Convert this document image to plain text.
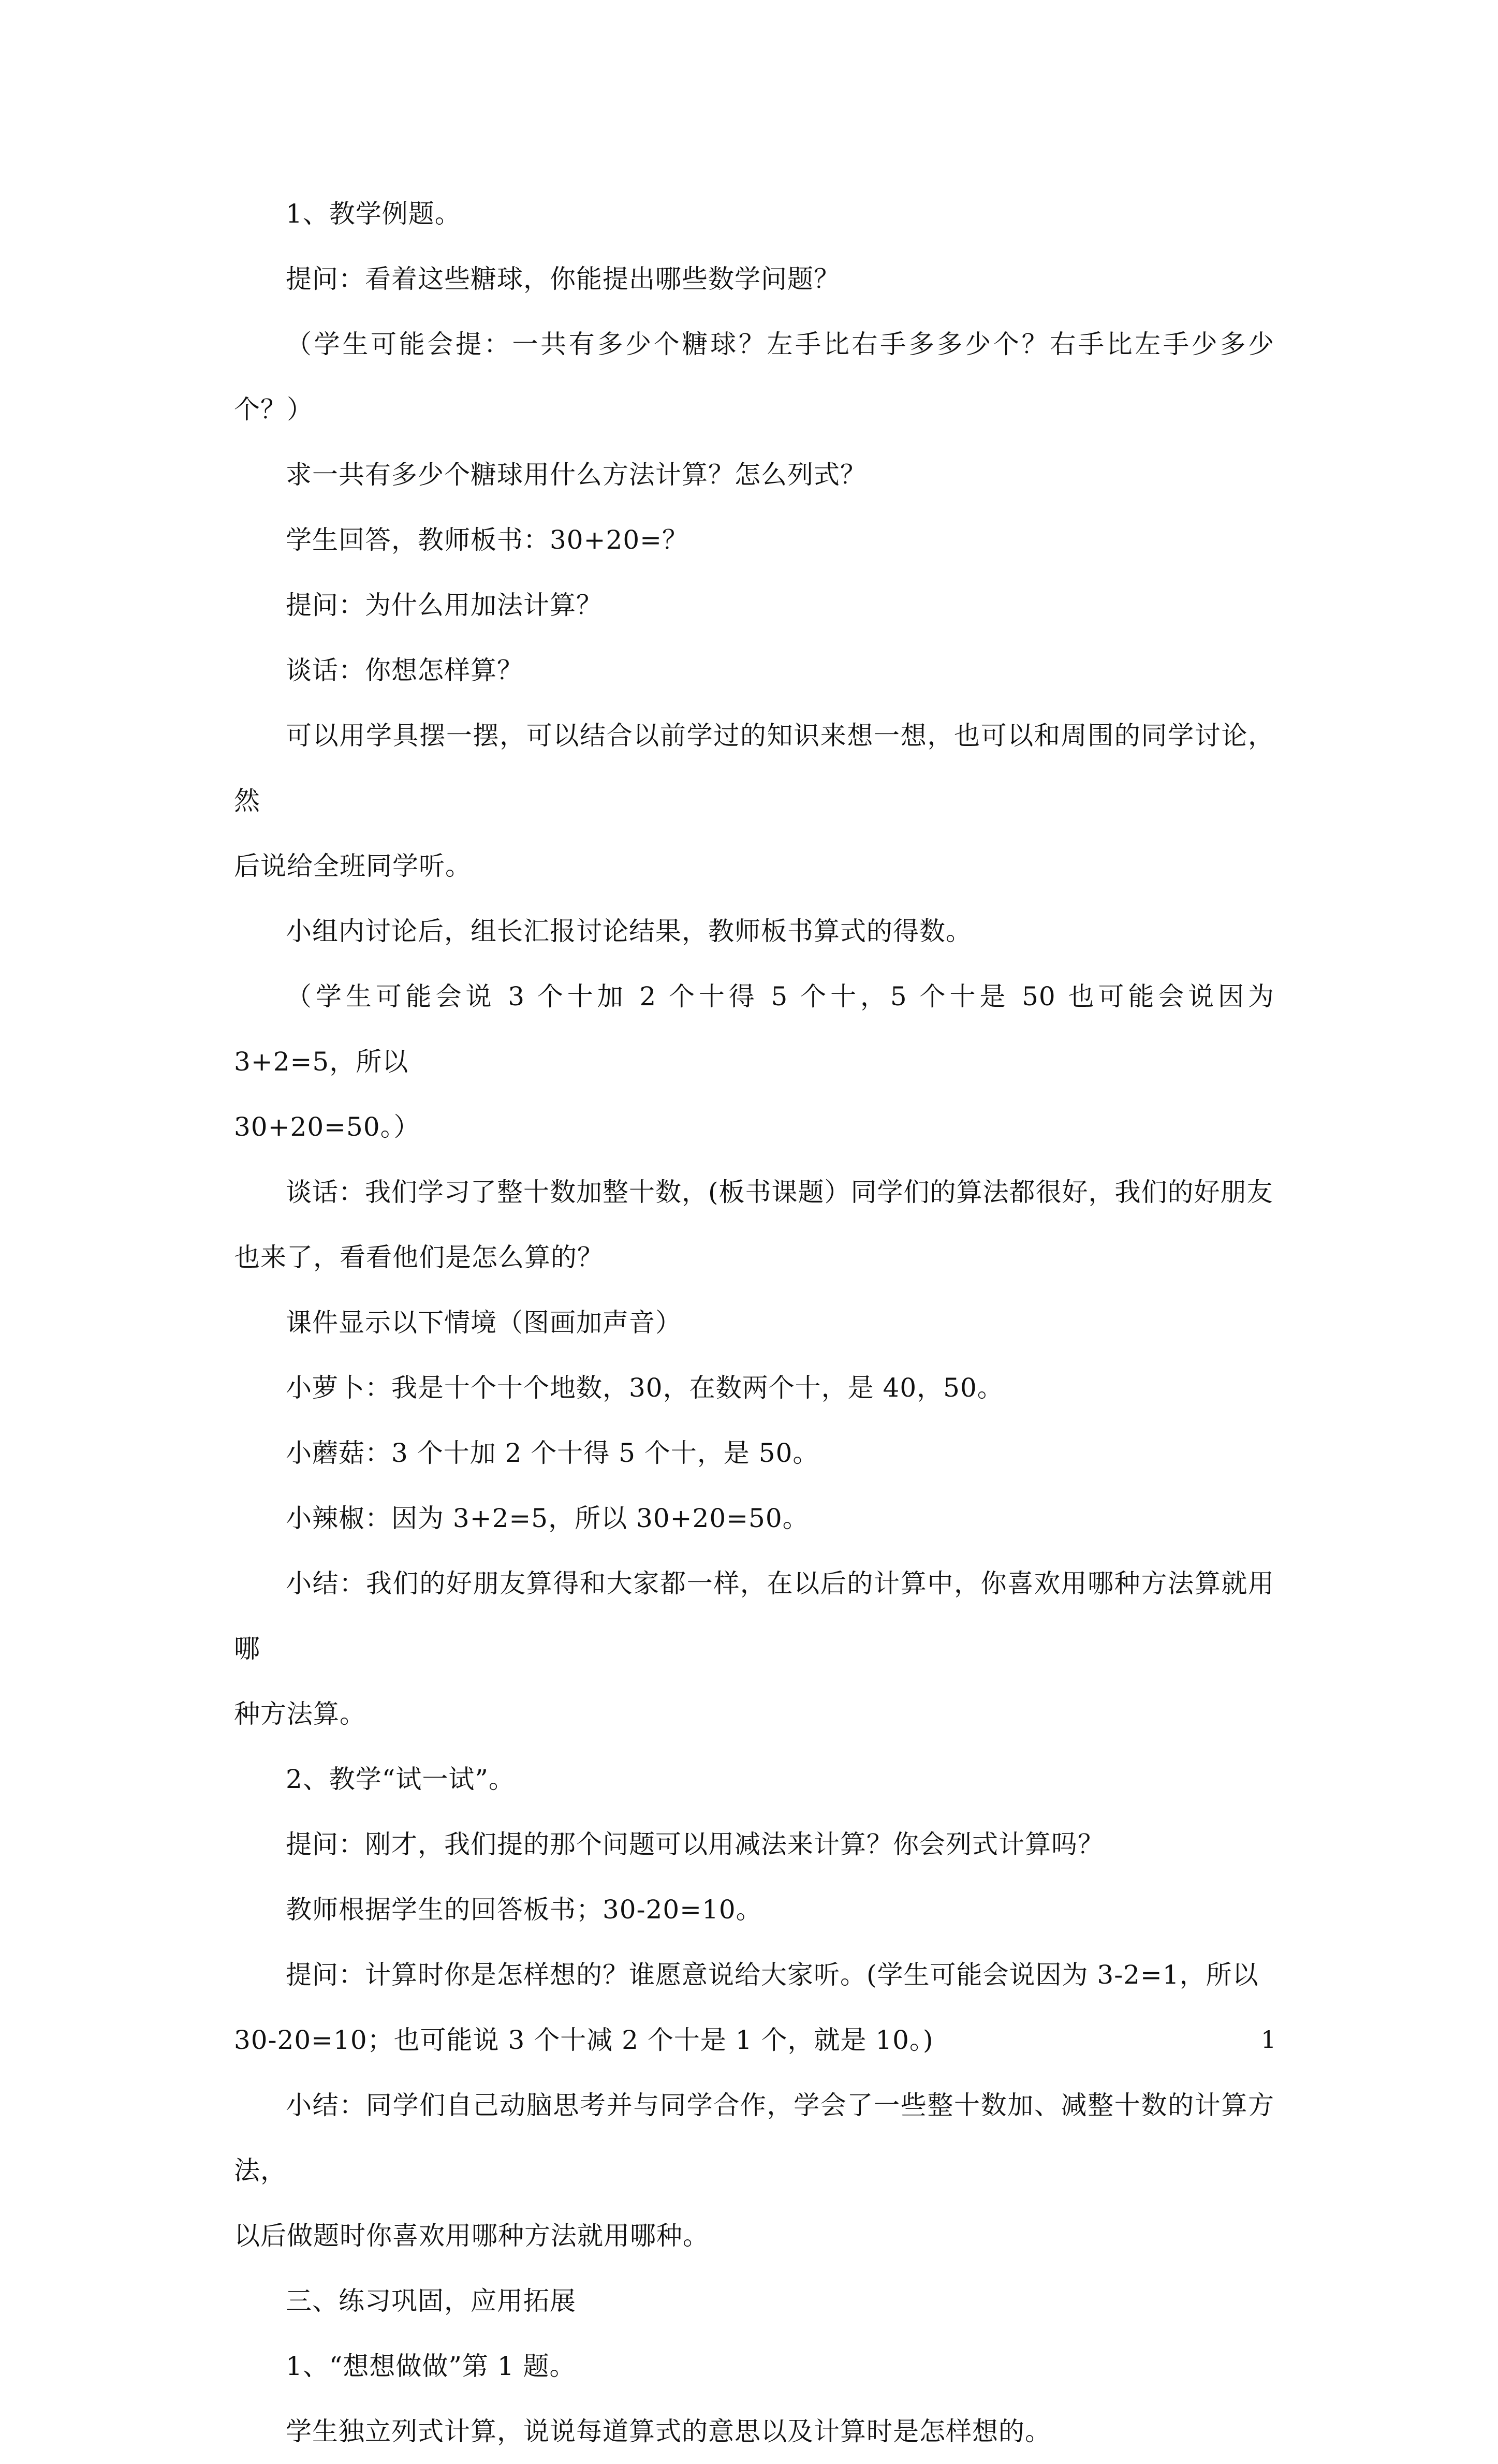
1、教学例题。

提问：看着这些糖球，你能提出哪些数学问题？

（学生可能会提：一共有多少个糖球？左手比右手多多少个？右手比左手少多少个？）

求一共有多少个糖球用什么方法计算？怎么列式？

学生回答，教师板书：30+20=？

提问：为什么用加法计算？

谈话：你想怎样算？

可以用学具摆一摆，可以结合以前学过的知识来想一想，也可以和周围的同学讨论，然
后说给全班同学听。

小组内讨论后，组长汇报讨论结果，教师板书算式的得数。

（学生可能会说 3 个十加 2 个十得 5 个十，5 个十是 50 也可能会说因为 3+2=5，所以
30+20=50。）

谈话：我们学习了整十数加整十数，(板书课题）同学们的算法都很好，我们的好朋友
也来了，看看他们是怎么算的？

课件显示以下情境（图画加声音）

小萝卜：我是十个十个地数，30，在数两个十，是 40，50。

小蘑菇：3 个十加 2 个十得 5 个十，是 50。

小辣椒：因为 3+2=5，所以 30+20=50。

小结：我们的好朋友算得和大家都一样，在以后的计算中，你喜欢用哪种方法算就用哪
种方法算。

2、教学“试一试”。

提问：刚才，我们提的那个问题可以用减法来计算？你会列式计算吗？

教师根据学生的回答板书；30-20=10。

提问：计算时你是怎样想的？谁愿意说给大家听。(学生可能会说因为 3-2=1，所以
30-20=10；也可能说 3 个十减 2 个十是 1 个，就是 10。)

小结：同学们自己动脑思考并与同学合作，学会了一些整十数加、减整十数的计算方法，
以后做题时你喜欢用哪种方法就用哪种。

三、练习巩固，应用拓展

1、“想想做做”第 1 题。

学生独立列式计算，说说每道算式的意思以及计算时是怎样想的。

1
